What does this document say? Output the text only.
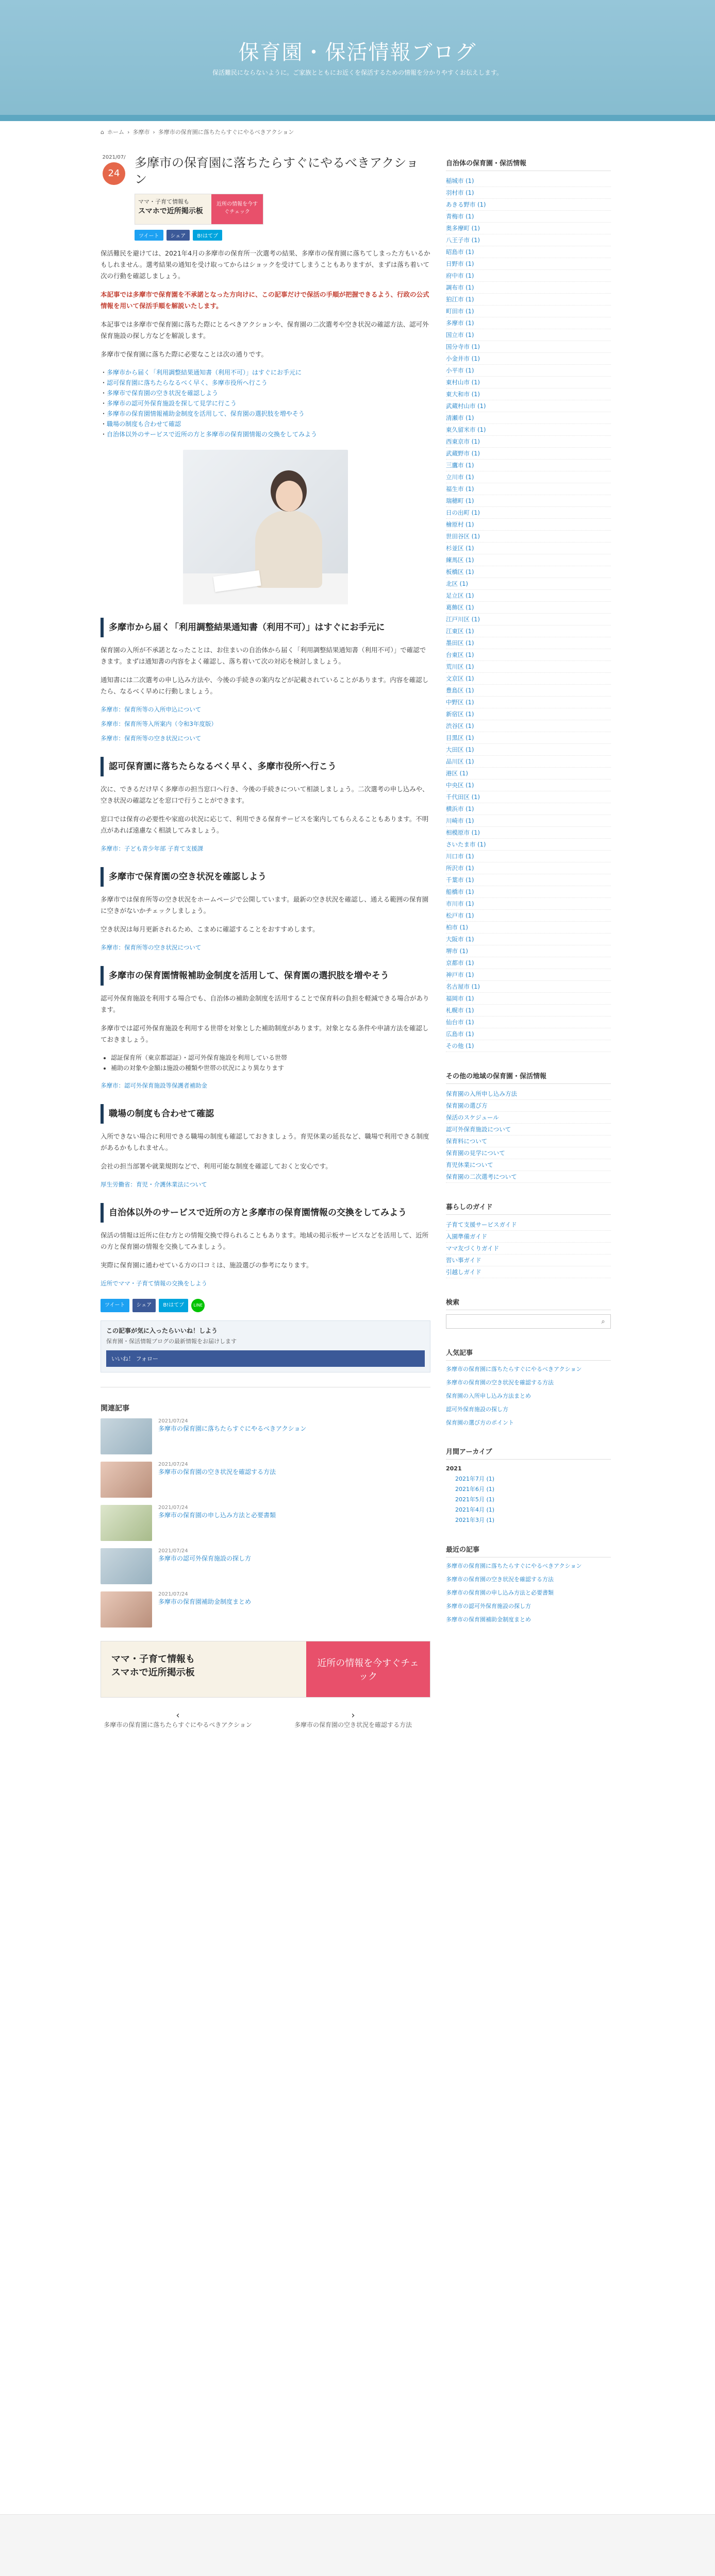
保育園・保活情報ブログ
保活難民にならないように。ご家族とともにお近くを保活するための情報を分かりやすくお伝えします。
⌂ ホーム › 多摩市 › 多摩市の保育園に落ちたらすぐにやるべきアクション
2021/07/
24
多摩市の保育園に落ちたらすぐにやるべきアクション
ママ・子育て情報も
スマホで近所掲示板
近所の情報を今すぐチェック
ツイート	シェア	B!はてブ

保活難民を避けては、2021年4月の多摩市の保育所一次選考の結果、多摩市の保育園に落ちてしまった方もいるかもしれません。選考結果の通知を受け取ってからはショックを受けてしまうこともありますが、まずは落ち着いて次の行動を確認しましょう。

本記事では多摩市で保育園を不承諾となった方向けに、この記事だけで保活の手順が把握できるよう、行政の公式情報を用いて保活手順を解説いたします。

本記事では多摩市で保育園に落ちた際にとるべきアクションや、保育園の二次選考や空き状況の確認方法、認可外保育施設の探し方などを解説します。

多摩市で保育園に落ちた際に必要なことは次の通りです。

・ 多摩市から届く「利用調整結果通知書（利用不可）」はすぐにお手元に
・ 認可保育園に落ちたらなるべく早く、多摩市役所へ行こう
・ 多摩市で保育園の空き状況を確認しよう
・ 多摩市の認可外保育施設を探して見学に行こう
・ 多摩市の保育園情報補助金制度を活用して、保育園の選択肢を増やそう
・ 職場の制度も合わせて確認
・ 自治体以外のサービスで近所の方と多摩市の保育園情報の交換をしてみよう
多摩市から届く「利用調整結果通知書（利用不可）」はすぐにお手元に

保育園の入所が不承諾となったことは、お住まいの自治体から届く「利用調整結果通知書（利用不可）」で確認できます。まずは通知書の内容をよく確認し、落ち着いて次の対応を検討しましょう。

通知書には二次選考の申し込み方法や、今後の手続きの案内などが記載されていることがあります。内容を確認したら、なるべく早めに行動しましょう。

多摩市：保育所等の入所申込について

多摩市：保育所等入所案内（令和3年度版）

多摩市：保育所等の空き状況について

認可保育園に落ちたらなるべく早く、多摩市役所へ行こう

次に、できるだけ早く多摩市の担当窓口へ行き、今後の手続きについて相談しましょう。二次選考の申し込みや、空き状況の確認などを窓口で行うことができます。

窓口では保育の必要性や家庭の状況に応じて、利用できる保育サービスを案内してもらえることもあります。不明点があれば遠慮なく相談してみましょう。

多摩市：子ども青少年部 子育て支援課

多摩市で保育園の空き状況を確認しよう

多摩市では保育所等の空き状況をホームページで公開しています。最新の空き状況を確認し、通える範囲の保育園に空きがないかチェックしましょう。

空き状況は毎月更新されるため、こまめに確認することをおすすめします。

多摩市：保育所等の空き状況について

多摩市の保育園情報補助金制度を活用して、保育園の選択肢を増やそう

認可外保育施設を利用する場合でも、自治体の補助金制度を活用することで保育料の負担を軽減できる場合があります。

多摩市では認可外保育施設を利用する世帯を対象とした補助制度があります。対象となる条件や申請方法を確認しておきましょう。

• 認証保育所（東京都認証）・認可外保育施設を利用している世帯
• 補助の対象や金額は施設の種類や世帯の状況により異なります

多摩市：認可外保育施設等保護者補助金

職場の制度も合わせて確認

入所できない場合に利用できる職場の制度も確認しておきましょう。育児休業の延長など、職場で利用できる制度があるかもしれません。

会社の担当部署や就業規則などで、利用可能な制度を確認しておくと安心です。

厚生労働省：育児・介護休業法について

自治体以外のサービスで近所の方と多摩市の保育園情報の交換をしてみよう

保活の情報は近所に住む方との情報交換で得られることもあります。地域の掲示板サービスなどを活用して、近所の方と保育園の情報を交換してみましょう。

実際に保育園に通わせている方の口コミは、施設選びの参考になります。

近所でママ・子育て情報の交換をしよう

ツイート	シェア	B!はてブ	LINE
この記事が気に入ったらいいね！しよう
保育園・保活情報ブログの最新情報をお届けします
いいね！ フォロー
関連記事
2021/07/24
多摩市の保育園に落ちたらすぐにやるべきアクション
2021/07/24
多摩市の保育園の空き状況を確認する方法
2021/07/24
多摩市の保育園の申し込み方法と必要書類
2021/07/24
多摩市の認可外保育施設の探し方
2021/07/24
多摩市の保育園補助金制度まとめ
ママ・子育て情報も
スマホで近所掲示板
近所の情報を今すぐチェック
‹
多摩市の保育園に落ちたらすぐにやるべきアクション
›
多摩市の保育園の空き状況を確認する方法
自治体の保育園・保活情報
稲城市 (1)
羽村市 (1)
あきる野市 (1)
青梅市 (1)
奥多摩町 (1)
八王子市 (1)
昭島市 (1)
日野市 (1)
府中市 (1)
調布市 (1)
狛江市 (1)
町田市 (1)
多摩市 (1)
国立市 (1)
国分寺市 (1)
小金井市 (1)
小平市 (1)
東村山市 (1)
東大和市 (1)
武蔵村山市 (1)
清瀬市 (1)
東久留米市 (1)
西東京市 (1)
武蔵野市 (1)
三鷹市 (1)
立川市 (1)
福生市 (1)
瑞穂町 (1)
日の出町 (1)
檜原村 (1)
世田谷区 (1)
杉並区 (1)
練馬区 (1)
板橋区 (1)
北区 (1)
足立区 (1)
葛飾区 (1)
江戸川区 (1)
江東区 (1)
墨田区 (1)
台東区 (1)
荒川区 (1)
文京区 (1)
豊島区 (1)
中野区 (1)
新宿区 (1)
渋谷区 (1)
目黒区 (1)
大田区 (1)
品川区 (1)
港区 (1)
中央区 (1)
千代田区 (1)
横浜市 (1)
川崎市 (1)
相模原市 (1)
さいたま市 (1)
川口市 (1)
所沢市 (1)
千葉市 (1)
船橋市 (1)
市川市 (1)
松戸市 (1)
柏市 (1)
大阪市 (1)
堺市 (1)
京都市 (1)
神戸市 (1)
名古屋市 (1)
福岡市 (1)
札幌市 (1)
仙台市 (1)
広島市 (1)
その他 (1)
その他の地域の保育園・保活情報
保育園の入所申し込み方法
保育園の選び方
保活のスケジュール
認可外保育施設について
保育料について
保育園の見学について
育児休業について
保育園の二次選考について
暮らしのガイド
子育て支援サービスガイド
入園準備ガイド
ママ友づくりガイド
習い事ガイド
引越しガイド
検索
⌕
人気記事
多摩市の保育園に落ちたらすぐにやるべきアクション
多摩市の保育園の空き状況を確認する方法
保育園の入所申し込み方法まとめ
認可外保育施設の探し方
保育園の選び方のポイント
月間アーカイブ
2021
2021年7月 (1)
2021年6月 (1)
2021年5月 (1)
2021年4月 (1)
2021年3月 (1)
最近の記事
多摩市の保育園に落ちたらすぐにやるべきアクション
多摩市の保育園の空き状況を確認する方法
多摩市の保育園の申し込み方法と必要書類
多摩市の認可外保育施設の探し方
多摩市の保育園補助金制度まとめ
